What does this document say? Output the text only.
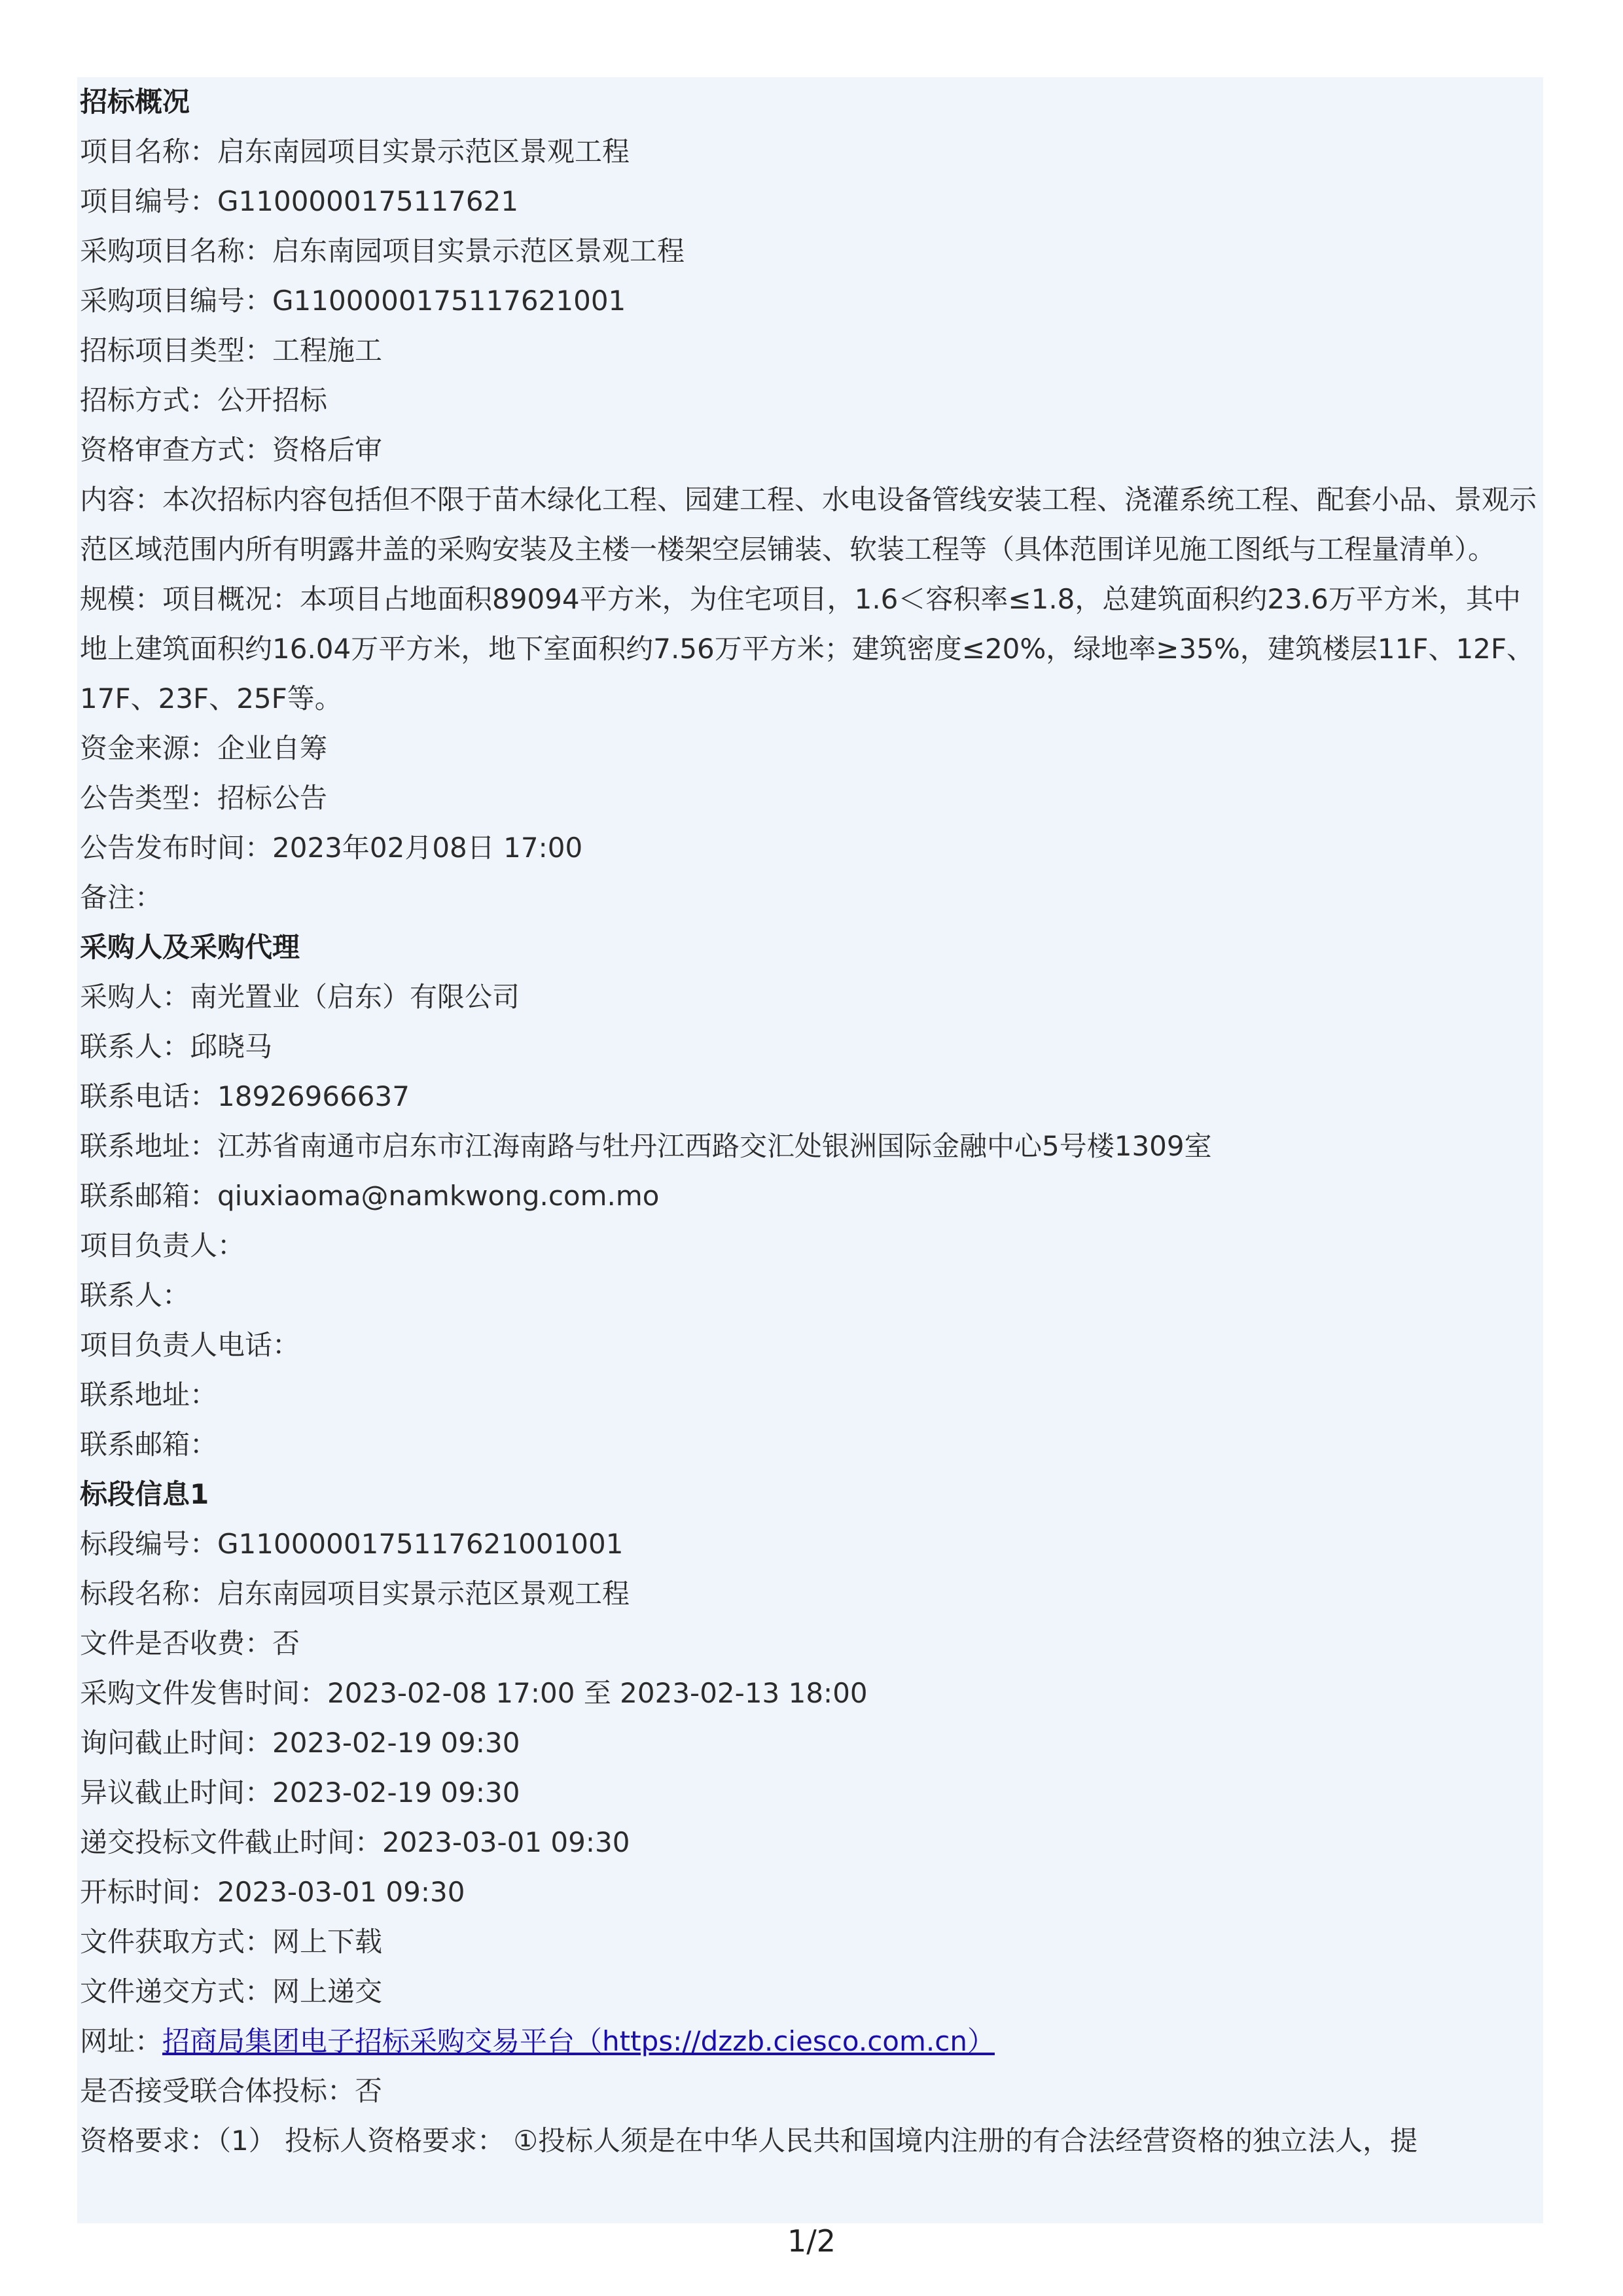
招标概况
项目名称：启东南园项目实景示范区景观工程
项目编号：G1100000175117621
采购项目名称：启东南园项目实景示范区景观工程
采购项目编号：G1100000175117621001
招标项目类型：工程施工
招标方式：公开招标
资格审查方式：资格后审
内容：本次招标内容包括但不限于苗木绿化工程、园建工程、水电设备管线安装工程、浇灌系统工程、配套小品、景观示范区域范围内所有明露井盖的采购安装及主楼一楼架空层铺装、软装工程等（具体范围详见施工图纸与工程量清单）。
规模：项目概况：本项目占地面积89094平方米，为住宅项目，1.6＜容积率≤1.8，总建筑面积约23.6万平方米，其中地上建筑面积约16.04万平方米，地下室面积约7.56万平方米；建筑密度≤20%，绿地率≥35%，建筑楼层11F、12F、17F、23F、25F等。
资金来源：企业自筹
公告类型：招标公告
公告发布时间：2023年02月08日 17:00
备注：
采购人及采购代理
采购人：南光置业（启东）有限公司
联系人：邱晓马
联系电话：18926966637
联系地址：江苏省南通市启东市江海南路与牡丹江西路交汇处银洲国际金融中心5号楼1309室
联系邮箱：qiuxiaoma@namkwong.com.mo
项目负责人：
联系人：
项目负责人电话：
联系地址：
联系邮箱：
标段信息1
标段编号：G1100000175117621001001
标段名称：启东南园项目实景示范区景观工程
文件是否收费：否
采购文件发售时间：2023-02-08 17:00 至 2023-02-13 18:00
询问截止时间：2023-02-19 09:30
异议截止时间：2023-02-19 09:30
递交投标文件截止时间：2023-03-01 09:30
开标时间：2023-03-01 09:30
文件获取方式：网上下载
文件递交方式：网上递交
网址：招商局集团电子招标采购交易平台（https://dzzb.ciesco.com.cn）
是否接受联合体投标：否
资格要求：（1） 投标人资格要求： ①投标人须是在中华人民共和国境内注册的有合法经营资格的独立法人，提
1/2
